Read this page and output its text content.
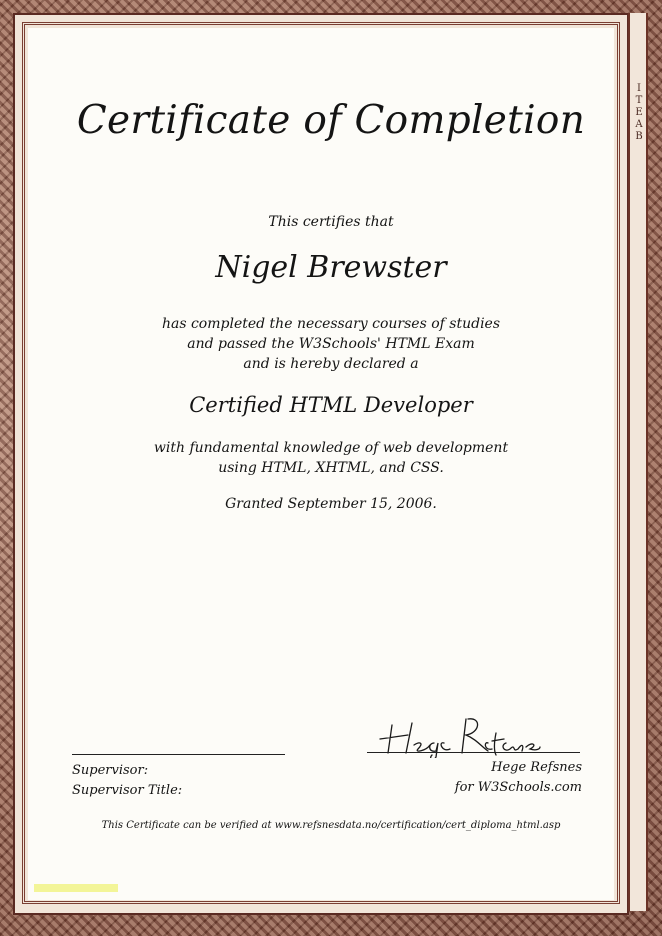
I
T
E
A
B
Certificate of Completion
This certifies that
Nigel Brewster
has completed the necessary courses of studies
and passed the W3Schools' HTML Exam
and is hereby declared a
Certified HTML Developer
with fundamental knowledge of web development
using HTML, XHTML, and CSS.
Granted September 15, 2006.
Supervisor:
Supervisor Title:
Hege Refsnes
for W3Schools.com
This Certificate can be verified at www.refsnesdata.no/certification/cert_diploma_html.asp
